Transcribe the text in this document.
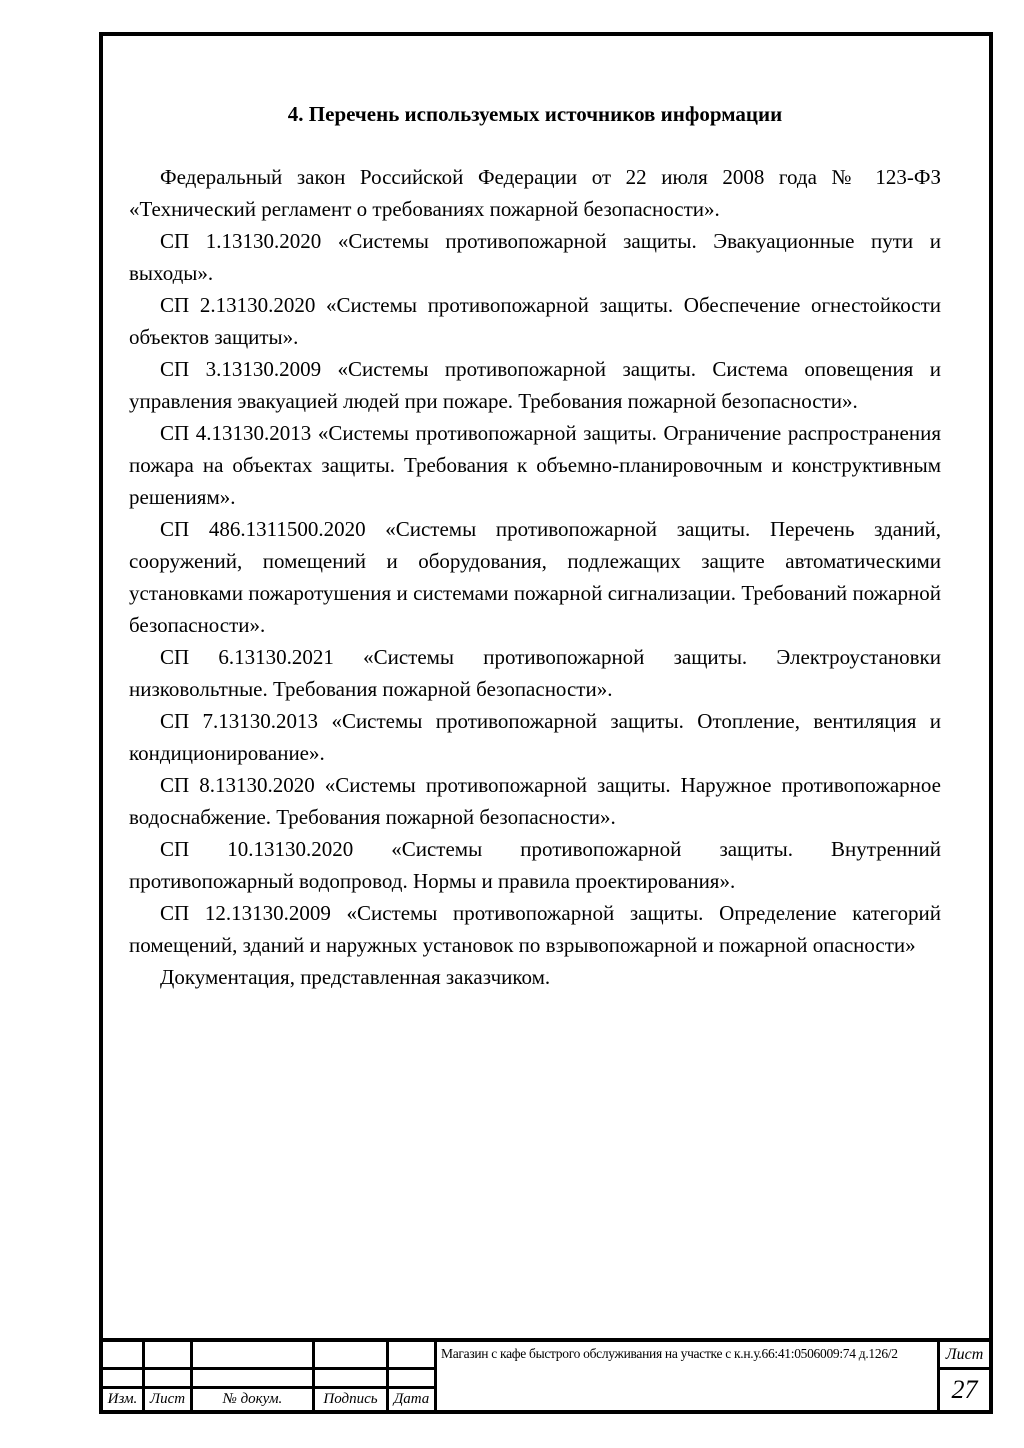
4. Перечень используемых источников информации

Федеральный закон Российской Федерации от 22 июля 2008 года № 123-ФЗ «Технический регламент о требованиях пожарной безопасности».

СП 1.13130.2020 «Системы противопожарной защиты. Эвакуационные пути и выходы».

СП 2.13130.2020 «Системы противопожарной защиты. Обеспечение огнестойкости объектов защиты».

СП 3.13130.2009 «Системы противопожарной защиты. Система оповещения и управления эвакуацией людей при пожаре. Требования пожарной безопасности».

СП 4.13130.2013 «Системы противопожарной защиты. Ограничение распространения пожара на объектах защиты. Требования к объемно-планировочным и конструктивным решениям».

СП 486.1311500.2020 «Системы противопожарной защиты. Перечень зданий, сооружений, помещений и оборудования, подлежащих защите автоматическими установками пожаротушения и системами пожарной сигнализации. Требований пожарной безопасности».

СП 6.13130.2021 «Системы противопожарной защиты. Электроустановки низковольтные. Требования пожарной безопасности».

СП 7.13130.2013 «Системы противопожарной защиты. Отопление, вентиляция и кондиционирование».

СП 8.13130.2020 «Системы противопожарной защиты. Наружное противопожарное водоснабжение. Требования пожарной безопасности».

СП 10.13130.2020 «Системы противопожарной защиты. Внутренний противопожарный водопровод. Нормы и правила проектирования».

СП 12.13130.2009 «Системы противопожарной защиты. Определение категорий помещений, зданий и наружных установок по взрывопожарной и пожарной опасности»

Документация, представленная заказчиком.

Изм. Лист	№ докум.	Подпись	Дата
Магазин с кафе быстрого обслуживания на участке с к.н.у.66:41:0506009:74 д.126/2	Лист
27
